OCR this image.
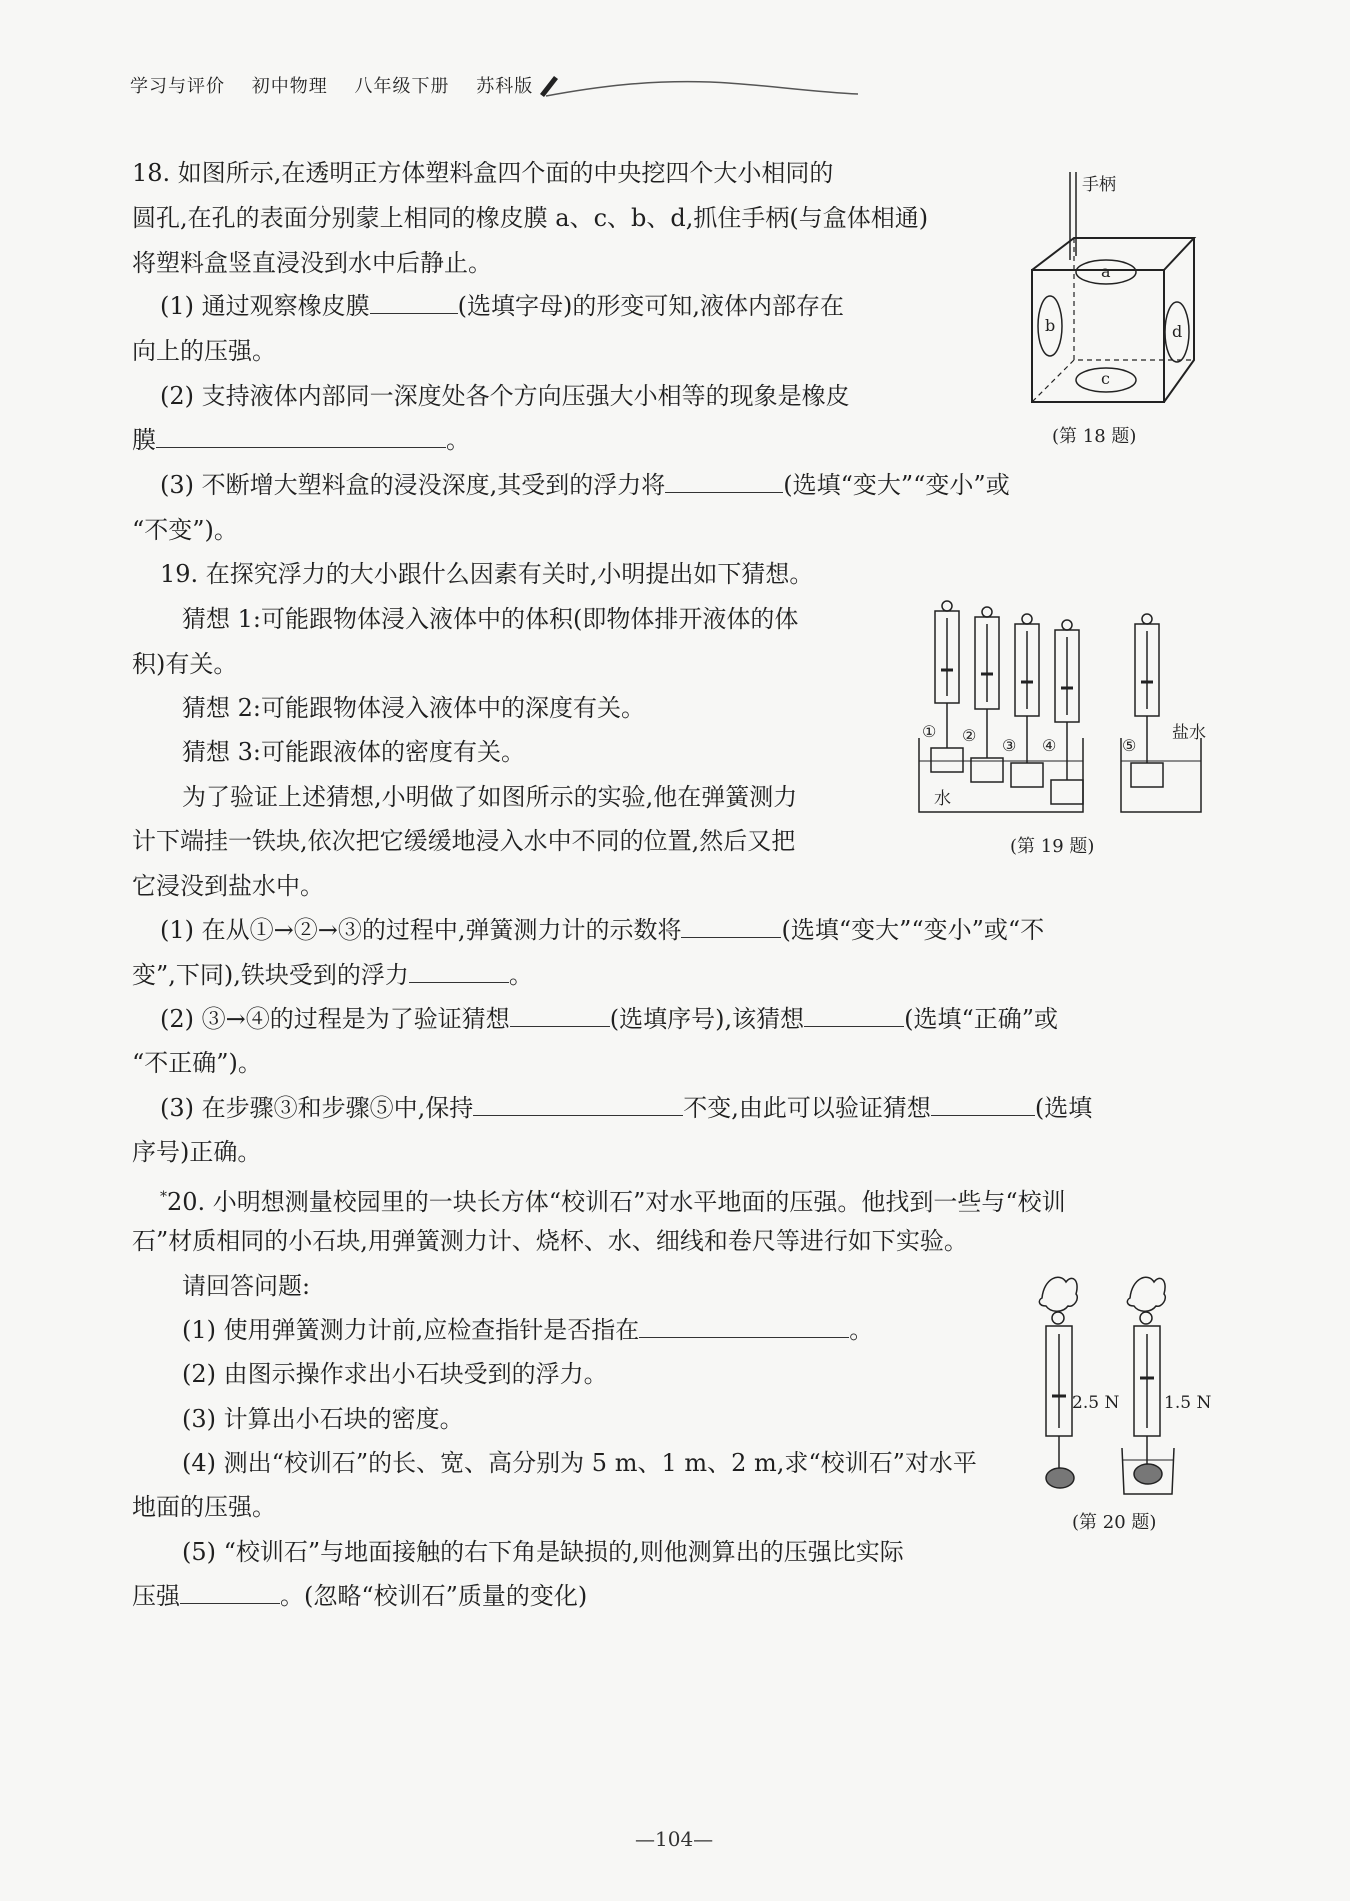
学习与评价 初中物理 八年级下册 苏科版
18. 如图所示,在透明正方体塑料盒四个面的中央挖四个大小相同的
圆孔,在孔的表面分别蒙上相同的橡皮膜 a、c、b、d,抓住手柄(与盒体相通)
将塑料盒竖直浸没到水中后静止。
(1) 通过观察橡皮膜	(选填字母)的形变可知,液体内部存在
向上的压强。
(2) 支持液体内部同一深度处各个方向压强大小相等的现象是橡皮
膜	。
(3) 不断增大塑料盒的浸没深度,其受到的浮力将	(选填“变大”“变小”或
“不变”)。
手柄
a
b
c
d
(第 18 题)
19. 在探究浮力的大小跟什么因素有关时,小明提出如下猜想。
猜想 1:可能跟物体浸入液体中的体积(即物体排开液体的体
积)有关。
猜想 2:可能跟物体浸入液体中的深度有关。
猜想 3:可能跟液体的密度有关。
为了验证上述猜想,小明做了如图所示的实验,他在弹簧测力
计下端挂一铁块,依次把它缓缓地浸入水中不同的位置,然后又把
它浸没到盐水中。
(1) 在从①→②→③的过程中,弹簧测力计的示数将	(选填“变大”“变小”或“不
变”,下同),铁块受到的浮力	。
(2) ③→④的过程是为了验证猜想	(选填序号),该猜想	(选填“正确”或
“不正确”)。
(3) 在步骤③和步骤⑤中,保持	不变,由此可以验证猜想	(选填
序号)正确。
① ②
③ ④	⑤
水
盐水
(第 19 题)
*20. 小明想测量校园里的一块长方体“校训石”对水平地面的压强。他找到一些与“校训
石”材质相同的小石块,用弹簧测力计、烧杯、水、细线和卷尺等进行如下实验。
请回答问题:
(1) 使用弹簧测力计前,应检查指针是否指在	。
(2) 由图示操作求出小石块受到的浮力。
(3) 计算出小石块的密度。
(4) 测出“校训石”的长、宽、高分别为 5 m、1 m、2 m,求“校训石”对水平
地面的压强。
(5) “校训石”与地面接触的右下角是缺损的,则他测算出的压强比实际
压强	。(忽略“校训石”质量的变化)
2.5 N	1.5 N
(第 20 题)
—104—
